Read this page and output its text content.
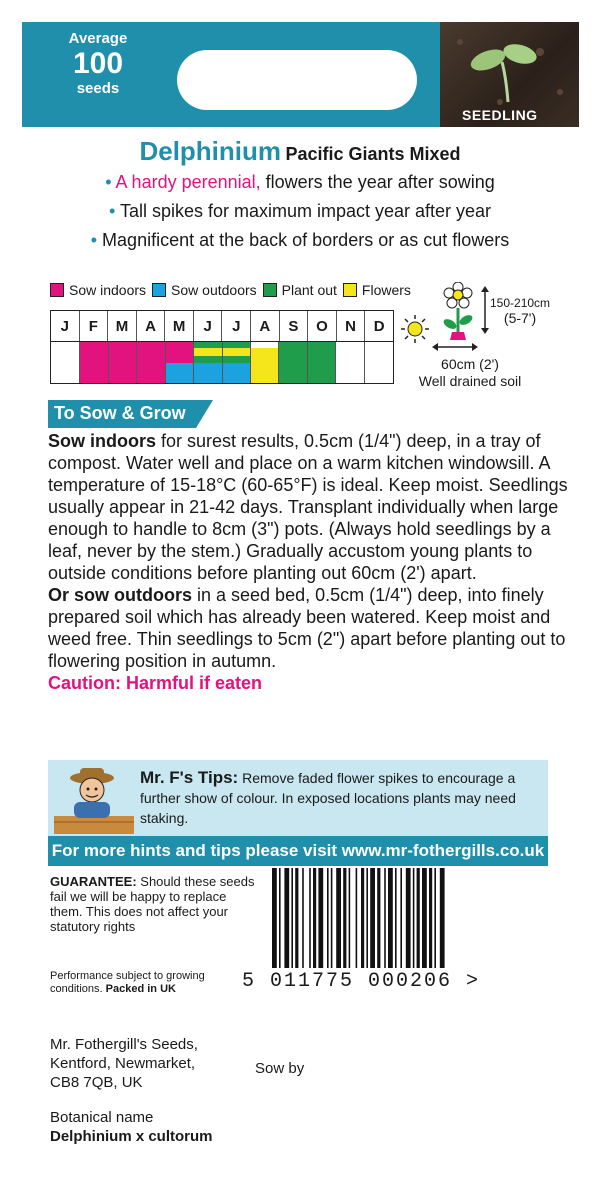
Average
100
seeds
SEEDLING
Delphinium Pacific Giants Mixed
• A hardy perennial, flowers the year after sowing
• Tall spikes for maximum impact year after year
• Magnificent at the back of borders or as cut flowers
Sow indoors Sow outdoors Plant out Flowers
J	F	M	A	M	J	J	A	S	O	N	D
150-210cm
(5-7')
60cm (2')
Well drained soil
To Sow & Grow
Sow indoors for surest results, 0.5cm (1/4") deep, in a tray of compost. Water well and place on a warm kitchen windowsill. A temperature of 15-18°C (60-65°F) is ideal. Keep moist. Seedlings usually appear in 21-42 days. Transplant individually when large enough to handle to 8cm (3") pots. (Always hold seedlings by a leaf, never by the stem.) Gradually accustom young plants to outside conditions before planting out 60cm (2') apart.
Or sow outdoors in a seed bed, 0.5cm (1/4") deep, into finely prepared soil which has already been watered. Keep moist and weed free. Thin seedlings to 5cm (2") apart before planting out to flowering position in autumn.
Caution: Harmful if eaten
Mr. F's Tips: Remove faded flower spikes to encourage a further show of colour. In exposed locations plants may need staking.
For more hints and tips please visit www.mr-fothergills.co.uk
GUARANTEE: Should these seeds fail we will be happy to replace them. This does not affect your statutory rights
Performance subject to growing conditions. Packed in UK	5 011775 000206 >
Mr. Fothergill's Seeds,
Kentford, Newmarket,
CB8 7QB, UK
Sow by
Botanical name
Delphinium x cultorum
